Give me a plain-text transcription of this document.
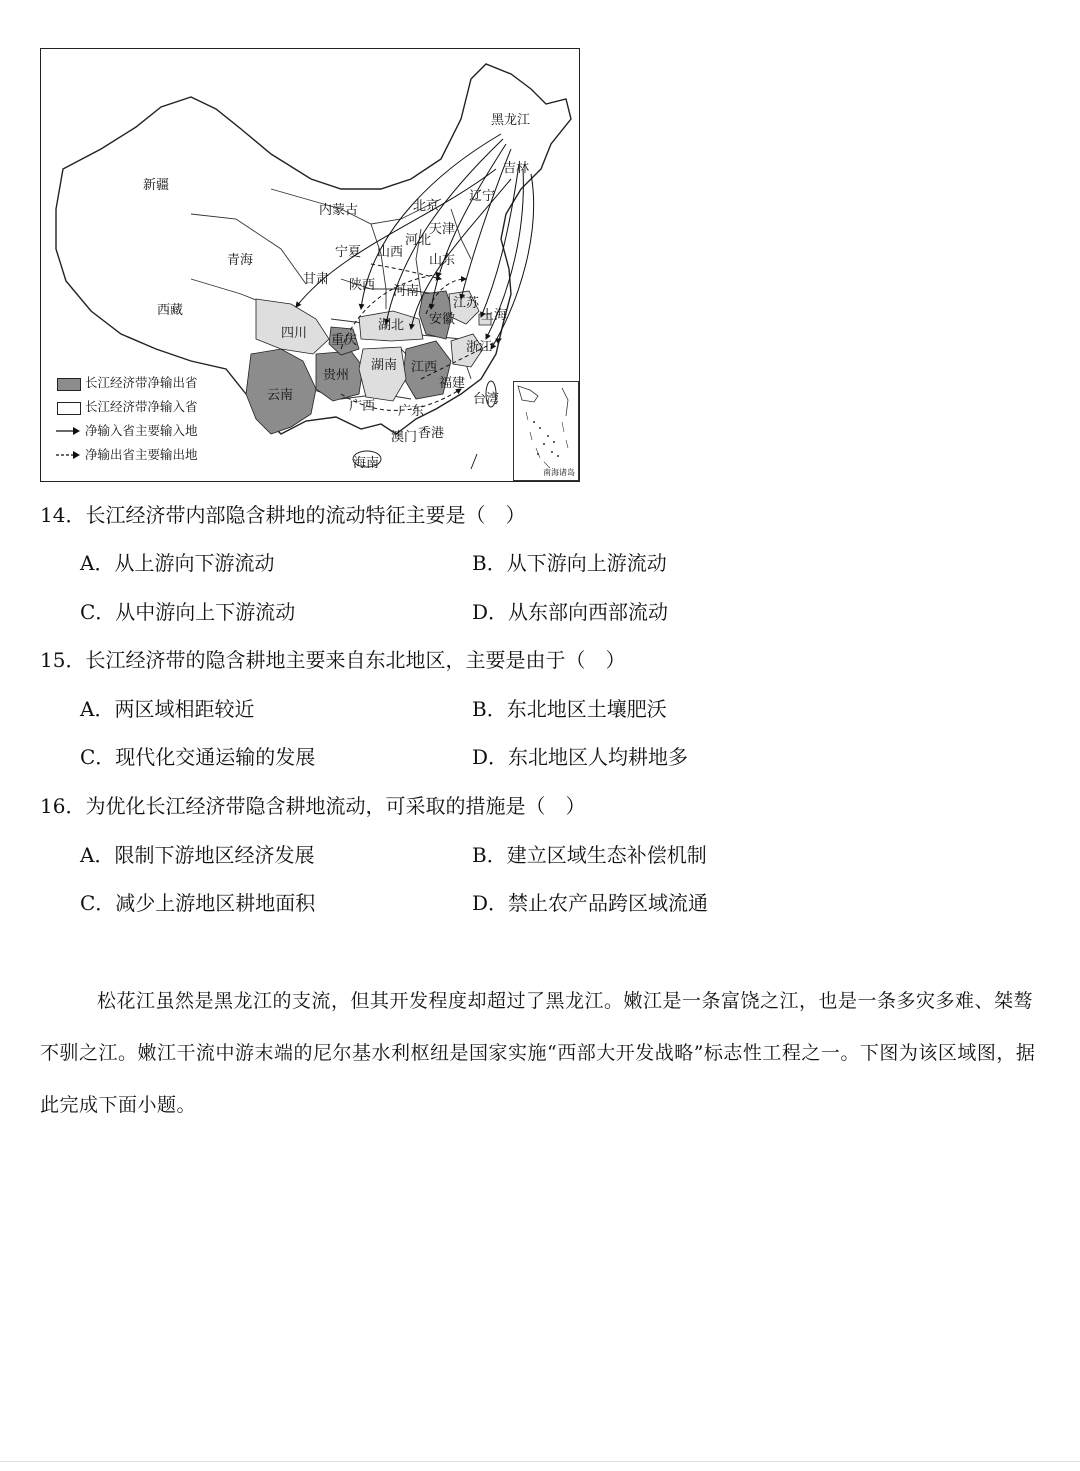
新疆
西藏
青海
内蒙古
黑龙江
吉林
辽宁
北京
天津
河北
山西
山东
宁夏
甘肃 陕西 河南
江苏
上海
安徽
湖北
四川 重庆	浙江
贵州
湖南 江西
福建
云南
广西 广东
台湾
澳门 香港
海南
长江经济带净输出省
长江经济带净输入省
净输入省主要输入地
净输出省主要输出地
南海诸岛
14．长江经济带内部隐含耕地的流动特征主要是（　）
A．从上游向下游流动	B．从下游向上游流动
C．从中游向上下游流动	D．从东部向西部流动
15．长江经济带的隐含耕地主要来自东北地区，主要是由于（　）
A．两区域相距较近	B．东北地区土壤肥沃
C．现代化交通运输的发展	D．东北地区人均耕地多
16．为优化长江经济带隐含耕地流动，可采取的措施是（　）
A．限制下游地区经济发展	B．建立区域生态补偿机制
C．减少上游地区耕地面积	D．禁止农产品跨区域流通
松花江虽然是黑龙江的支流，但其开发程度却超过了黑龙江。嫩江是一条富饶之江，也是一条多灾多难、桀骜不驯之江。嫩江干流中游末端的尼尔基水利枢纽是国家实施“西部大开发战略”标志性工程之一。下图为该区域图，据此完成下面小题。
